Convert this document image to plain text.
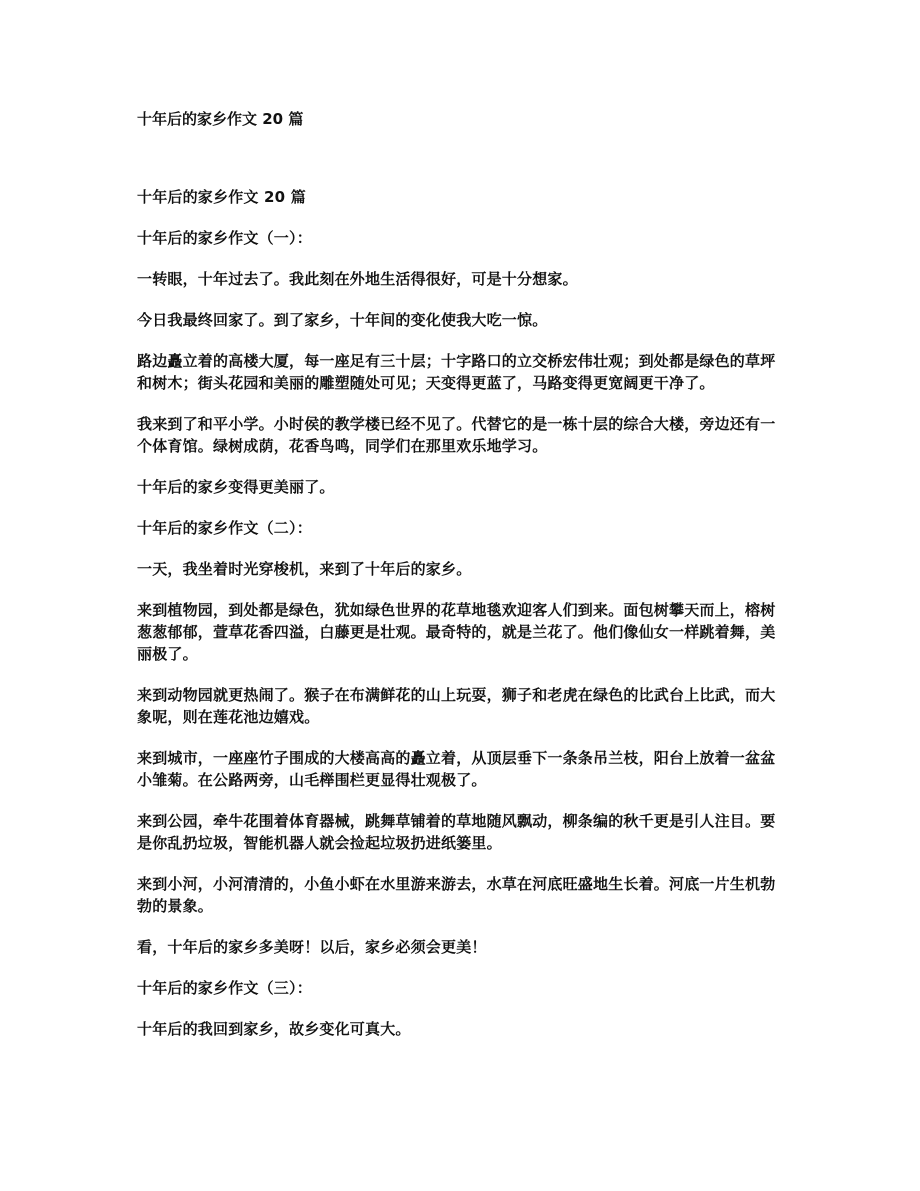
十年后的家乡作文 20 篇

十年后的家乡作文 20 篇

十年后的家乡作文（一）：

一转眼，十年过去了。我此刻在外地生活得很好，可是十分想家。

今日我最终回家了。到了家乡，十年间的变化使我大吃一惊。

路边矗立着的高楼大厦，每一座足有三十层；十字路口的立交桥宏伟壮观；到处都是绿色的草坪和树木；街头花园和美丽的雕塑随处可见；天变得更蓝了，马路变得更宽阔更干净了。

我来到了和平小学。小时侯的教学楼已经不见了。代替它的是一栋十层的综合大楼，旁边还有一个体育馆。绿树成荫，花香鸟鸣，同学们在那里欢乐地学习。

十年后的家乡变得更美丽了。

十年后的家乡作文（二）：

一天，我坐着时光穿梭机，来到了十年后的家乡。

来到植物园，到处都是绿色，犹如绿色世界的花草地毯欢迎客人们到来。面包树攀天而上，榕树葱葱郁郁，萱草花香四溢，白藤更是壮观。最奇特的，就是兰花了。他们像仙女一样跳着舞，美丽极了。

来到动物园就更热闹了。猴子在布满鲜花的山上玩耍，狮子和老虎在绿色的比武台上比武，而大象呢，则在莲花池边嬉戏。

来到城市，一座座竹子围成的大楼高高的矗立着，从顶层垂下一条条吊兰枝，阳台上放着一盆盆小雏菊。在公路两旁，山毛榉围栏更显得壮观极了。

来到公园，牵牛花围着体育器械，跳舞草铺着的草地随风飘动，柳条编的秋千更是引人注目。要是你乱扔垃圾，智能机器人就会捡起垃圾扔进纸篓里。

来到小河，小河清清的，小鱼小虾在水里游来游去，水草在河底旺盛地生长着。河底一片生机勃勃的景象。

看，十年后的家乡多美呀！以后，家乡必须会更美！

十年后的家乡作文（三）：

十年后的我回到家乡，故乡变化可真大。
